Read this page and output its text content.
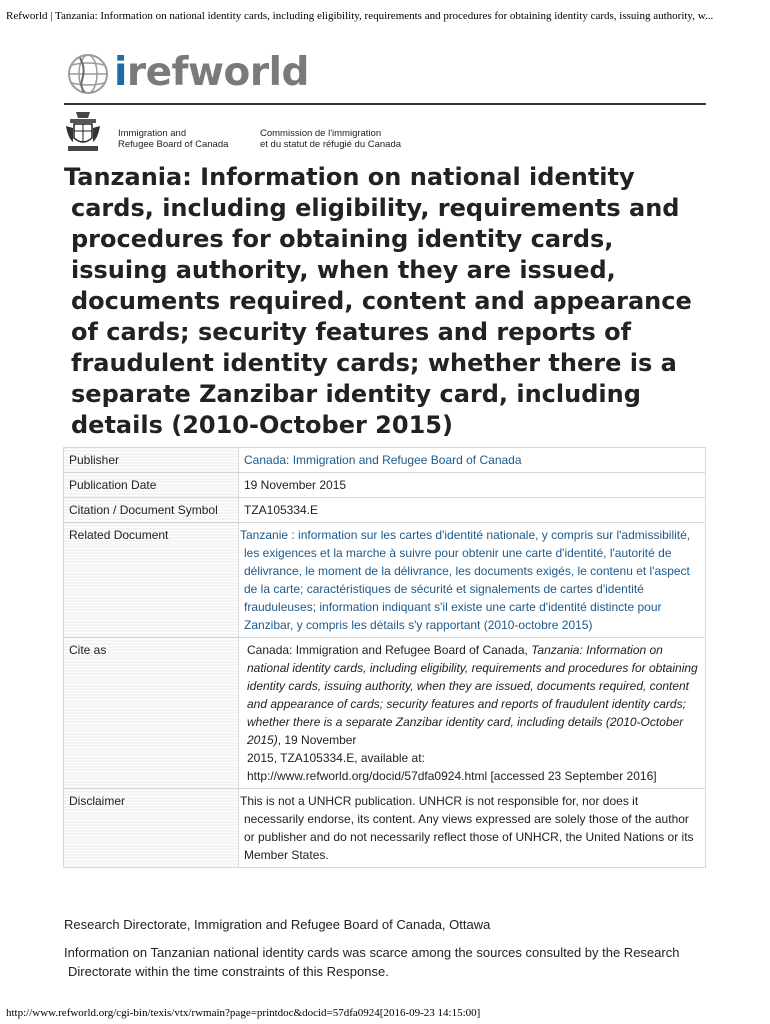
Refworld | Tanzania: Information on national identity cards, including eligibility, requirements and procedures for obtaining identity cards, issuing authority, w...
irefworld
Immigration and
Refugee Board of Canada
Commission de l'immigration
et du statut de réfugié du Canada
Tanzania: Information on national identity cards, including eligibility, requirements and procedures for obtaining identity cards, issuing authority, when they are issued, documents required, content and appearance of cards; security features and reports of fraudulent identity cards; whether there is a separate Zanzibar identity card, including details (2010-October 2015)
Publisher	Canada: Immigration and Refugee Board of Canada
Publication Date	19 November 2015
Citation / Document Symbol	TZA105334.E
Related Document	Tanzanie : information sur les cartes d'identité nationale, y compris sur l'admissibilité, les exigences et la marche à suivre pour obtenir une carte d'identité, l'autorité de délivrance, le moment de la délivrance, les documents exigés, le contenu et l'aspect de la carte; caractéristiques de sécurité et signalements de cartes d'identité frauduleuses; information indiquant s'il existe une carte d'identité distincte pour Zanzibar, y compris les détails s'y rapportant (2010-octobre 2015)
Cite as	Canada: Immigration and Refugee Board of Canada, Tanzania: Information on national identity cards, including eligibility, requirements and procedures for obtaining identity cards, issuing authority, when they are issued, documents required, content and appearance of cards; security features and reports of fraudulent identity cards; whether there is a separate Zanzibar identity card, including details (2010-October 2015), 19 November
2015, TZA105334.E, available at:
http://www.refworld.org/docid/57dfa0924.html [accessed 23 September 2016]
Disclaimer	This is not a UNHCR publication. UNHCR is not responsible for, nor does it necessarily endorse, its content. Any views expressed are solely those of the author or publisher and do not necessarily reflect those of UNHCR, the United Nations or its Member States.

Research Directorate, Immigration and Refugee Board of Canada, Ottawa

Information on Tanzanian national identity cards was scarce among the sources consulted by the Research Directorate within the time constraints of this Response.

http://www.refworld.org/cgi-bin/texis/vtx/rwmain?page=printdoc&docid=57dfa0924[2016-09-23 14:15:00]
